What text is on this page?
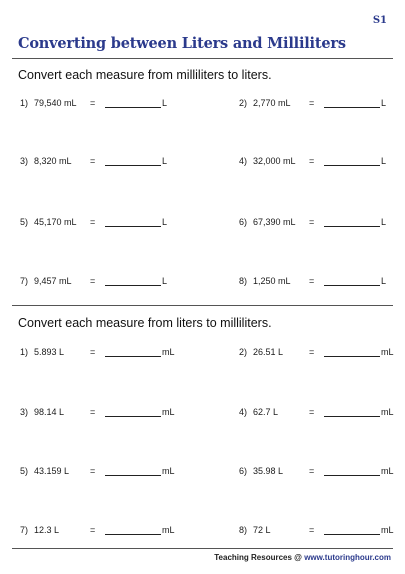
S1
Converting between Liters and Milliliters
Convert each measure from milliliters to liters.
1) 79,540 mL =	L	2) 2,770 mL =	L
3) 8,320 mL =	L	4) 32,000 mL =	L
5) 45,170 mL =	L	6) 67,390 mL =	L
7) 9,457 mL =	L	8) 1,250 mL =	L
Convert each measure from liters to milliliters.
1) 5.893 L	=	mL	2) 26.51 L	=	mL
3) 98.14 L	=	mL	4) 62.7 L	=	mL
5) 43.159 L =	mL	6) 35.98 L	=	mL
7) 12.3 L	=	mL	8) 72 L	=	mL
Teaching Resources @ www.tutoringhour.com
